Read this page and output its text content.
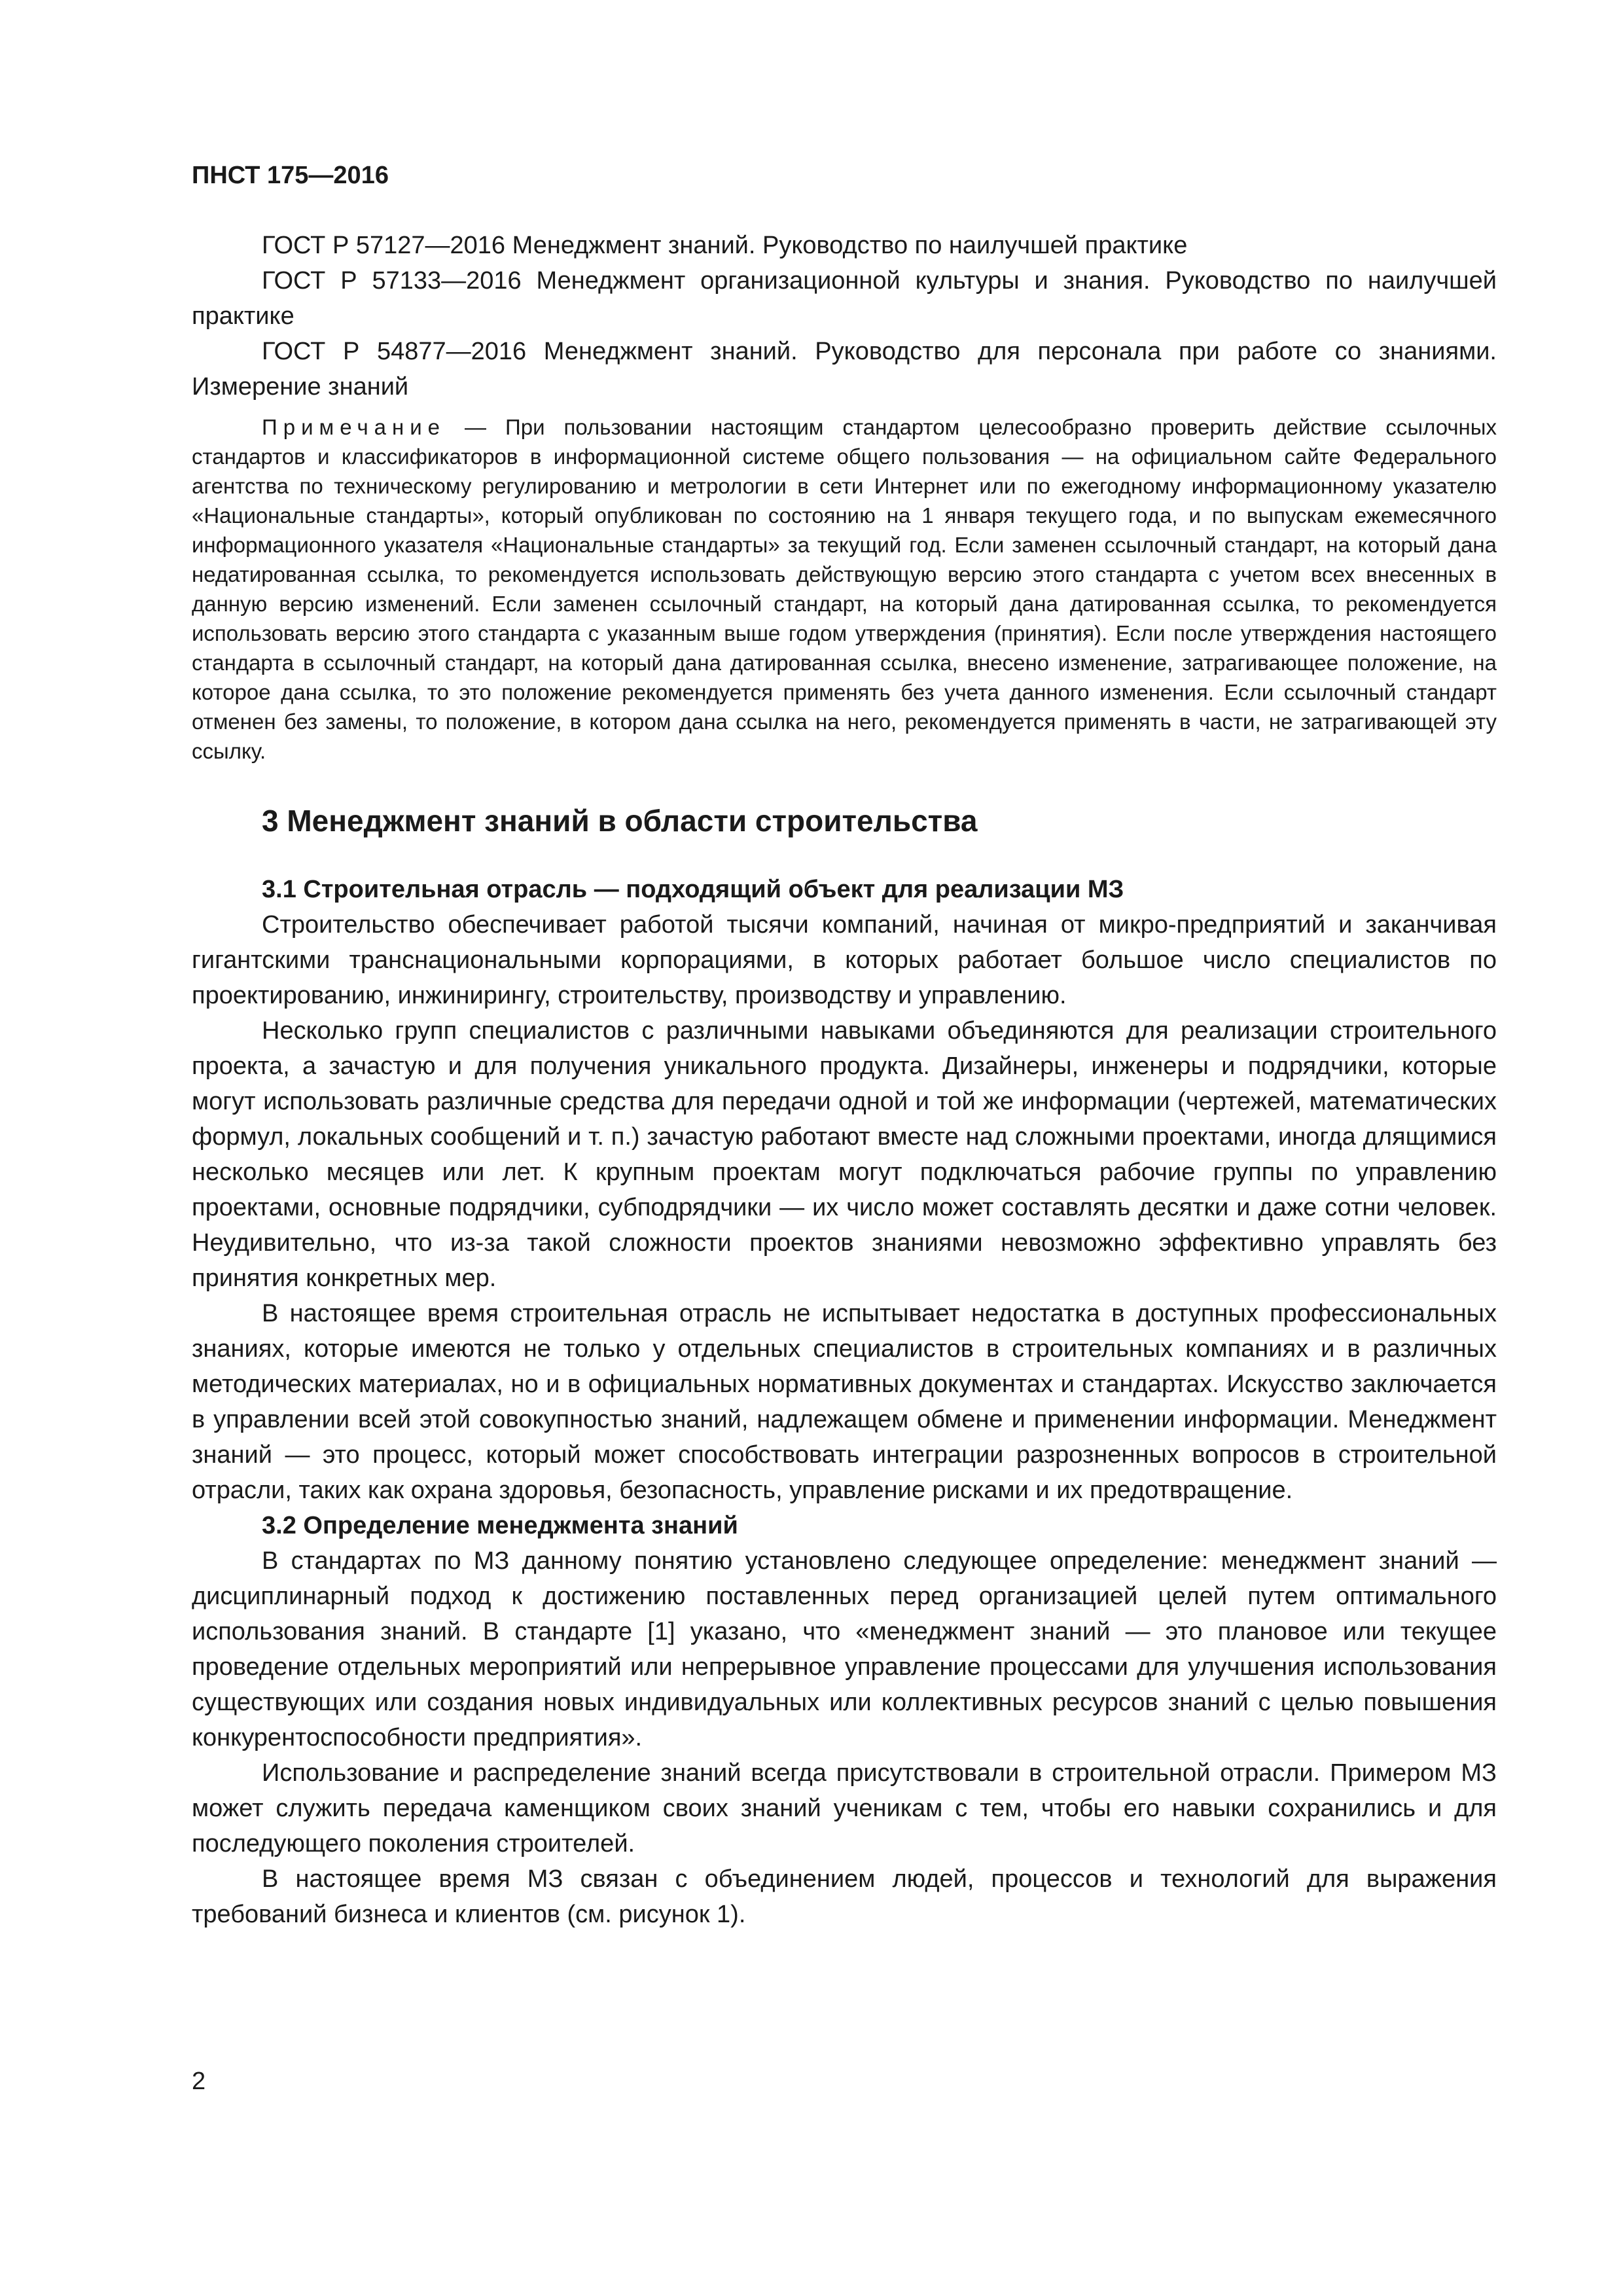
ПНСТ 175—2016

ГОСТ Р 57127—2016 Менеджмент знаний. Руководство по наилучшей практике

ГОСТ Р 57133—2016 Менеджмент организационной культуры и знания. Руководство по наилучшей практике

ГОСТ Р 54877—2016 Менеджмент знаний. Руководство для персонала при работе со знаниями. Измерение знаний

Примечание — При пользовании настоящим стандартом целесообразно проверить действие ссылочных стандартов и классификаторов в информационной системе общего пользования — на официальном сайте Федерального агентства по техническому регулированию и метрологии в сети Интернет или по ежегодному информационному указателю «Национальные стандарты», который опубликован по состоянию на 1 января текущего года, и по выпускам ежемесячного информационного указателя «Национальные стандарты» за текущий год. Если заменен ссылочный стандарт, на который дана недатированная ссылка, то рекомендуется использовать действующую версию этого стандарта с учетом всех внесенных в данную версию изменений. Если заменен ссылочный стандарт, на который дана датированная ссылка, то рекомендуется использовать версию этого стандарта с указанным выше годом утверждения (принятия). Если после утверждения настоящего стандарта в ссылочный стандарт, на который дана датированная ссылка, внесено изменение, затрагивающее положение, на которое дана ссылка, то это положение рекомендуется применять без учета данного изменения. Если ссылочный стандарт отменен без замены, то положение, в котором дана ссылка на него, рекомендуется применять в части, не затрагивающей эту ссылку.

3 Менеджмент знаний в области строительства
3.1 Строительная отрасль — подходящий объект для реализации МЗ

Строительство обеспечивает работой тысячи компаний, начиная от микро-предприятий и заканчивая гигантскими транснациональными корпорациями, в которых работает большое число специалистов по проектированию, инжинирингу, строительству, производству и управлению.

Несколько групп специалистов с различными навыками объединяются для реализации строительного проекта, а зачастую и для получения уникального продукта. Дизайнеры, инженеры и подрядчики, которые могут использовать различные средства для передачи одной и той же информации (чертежей, математических формул, локальных сообщений и т. п.) зачастую работают вместе над сложными проектами, иногда длящимися несколько месяцев или лет. К крупным проектам могут подключаться рабочие группы по управлению проектами, основные подрядчики, субподрядчики — их число может составлять десятки и даже сотни человек. Неудивительно, что из-за такой сложности проектов знаниями невозможно эффективно управлять без принятия конкретных мер.

В настоящее время строительная отрасль не испытывает недостатка в доступных профессиональных знаниях, которые имеются не только у отдельных специалистов в строительных компаниях и в различных методических материалах, но и в официальных нормативных документах и стандартах. Искусство заключается в управлении всей этой совокупностью знаний, надлежащем обмене и применении информации. Менеджмент знаний — это процесс, который может способствовать интеграции разрозненных вопросов в строительной отрасли, таких как охрана здоровья, безопасность, управление рисками и их предотвращение.

3.2 Определение менеджмента знаний

В стандартах по МЗ данному понятию установлено следующее определение: менеджмент знаний — дисциплинарный подход к достижению поставленных перед организацией целей путем оптимального использования знаний. В стандарте [1] указано, что «менеджмент знаний — это плановое или текущее проведение отдельных мероприятий или непрерывное управление процессами для улучшения использования существующих или создания новых индивидуальных или коллективных ресурсов знаний с целью повышения конкурентоспособности предприятия».

Использование и распределение знаний всегда присутствовали в строительной отрасли. Примером МЗ может служить передача каменщиком своих знаний ученикам с тем, чтобы его навыки сохранились и для последующего поколения строителей.

В настоящее время МЗ связан с объединением людей, процессов и технологий для выражения требований бизнеса и клиентов (см. рисунок 1).

2
